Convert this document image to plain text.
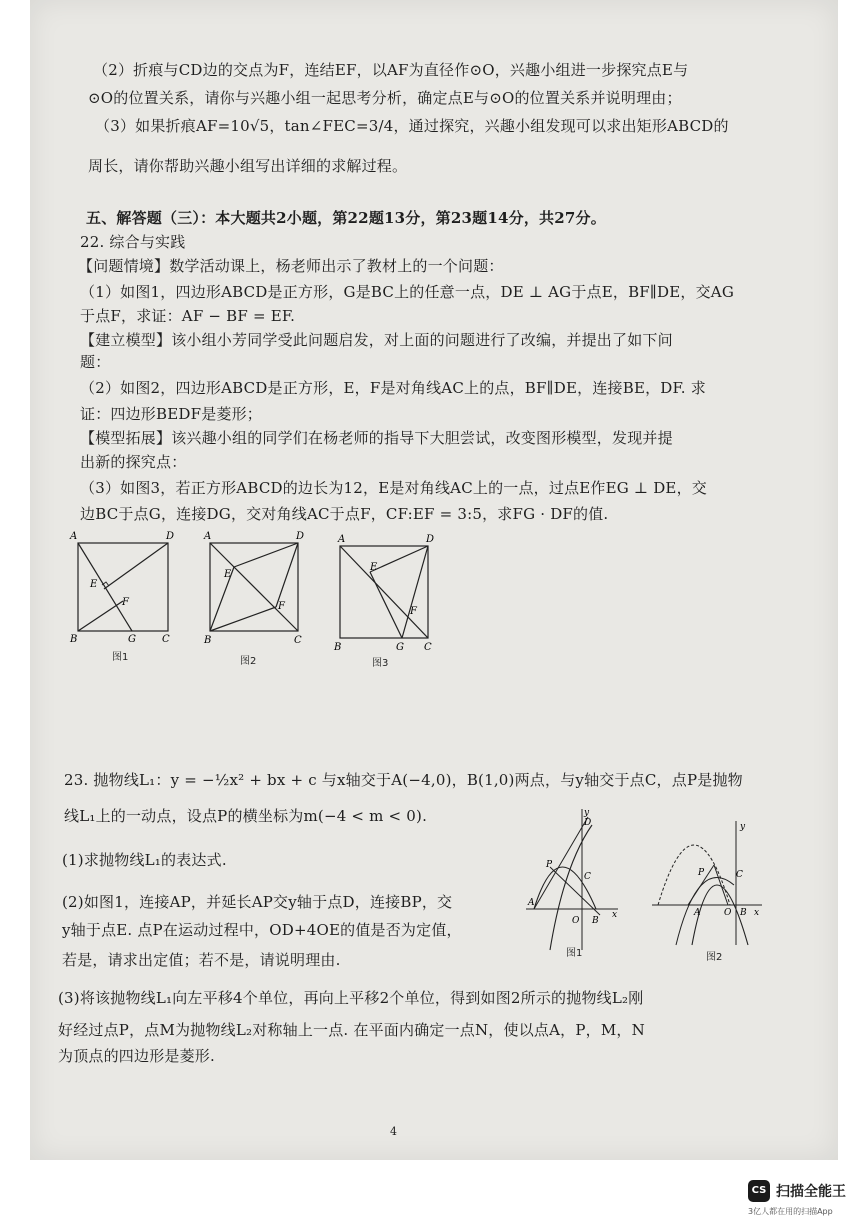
（2）折痕与CD边的交点为F，连结EF，以AF为直径作⊙O，兴趣小组进一步探究点E与
⊙O的位置关系，请你与兴趣小组一起思考分析，确定点E与⊙O的位置关系并说明理由；
（3）如果折痕AF=10√5，tan∠FEC=3/4，通过探究，兴趣小组发现可以求出矩形ABCD的
周长，请你帮助兴趣小组写出详细的求解过程。
五、解答题（三）：本大题共2小题，第22题13分，第23题14分，共27分。
22. 综合与实践
【问题情境】数学活动课上，杨老师出示了教材上的一个问题：
（1）如图1，四边形ABCD是正方形，G是BC上的任意一点，DE ⊥ AG于点E，BF∥DE，交AG
于点F，求证：AF − BF = EF.
【建立模型】该小组小芳同学受此问题启发，对上面的问题进行了改编，并提出了如下问
题：
（2）如图2，四边形ABCD是正方形，E，F是对角线AC上的点，BF∥DE，连接BE，DF. 求
证：四边形BEDF是菱形；
【模型拓展】该兴趣小组的同学们在杨老师的指导下大胆尝试，改变图形模型，发现并提
出新的探究点：
（3）如图3，若正方形ABCD的边长为12，E是对角线AC上的一点，过点E作EG ⊥ DE，交
边BC于点G，连接DG，交对角线AC于点F，CF:EF = 3:5，求FG · DF的值.
A	D
B	G	C
E
F
图1
A	D
B	C
E
F
图2
A	D
B	G C
E
F
图3
23. 抛物线L₁：y = −½x² + bx + c 与x轴交于A(−4,0)，B(1,0)两点，与y轴交于点C，点P是抛物
线L₁上的一动点，设点P的横坐标为m(−4 < m < 0).
(1)求抛物线L₁的表达式.
(2)如图1，连接AP，并延长AP交y轴于点D，连接BP，交
y轴于点E. 点P在运动过程中，OD+4OE的值是否为定值，
若是，请求出定值；若不是，请说明理由.
(3)将该抛物线L₁向左平移4个单位，再向上平移2个单位，得到如图2所示的抛物线L₂刚
好经过点P，点M为抛物线L₂对称轴上一点. 在平面内确定一点N，使以点A，P，M，N
为顶点的四边形是菱形.
y
D
P
C
A
O B
x
图1
y
C
P
A	O B x
图2
4
CS 扫描全能王
3亿人都在用的扫描App
